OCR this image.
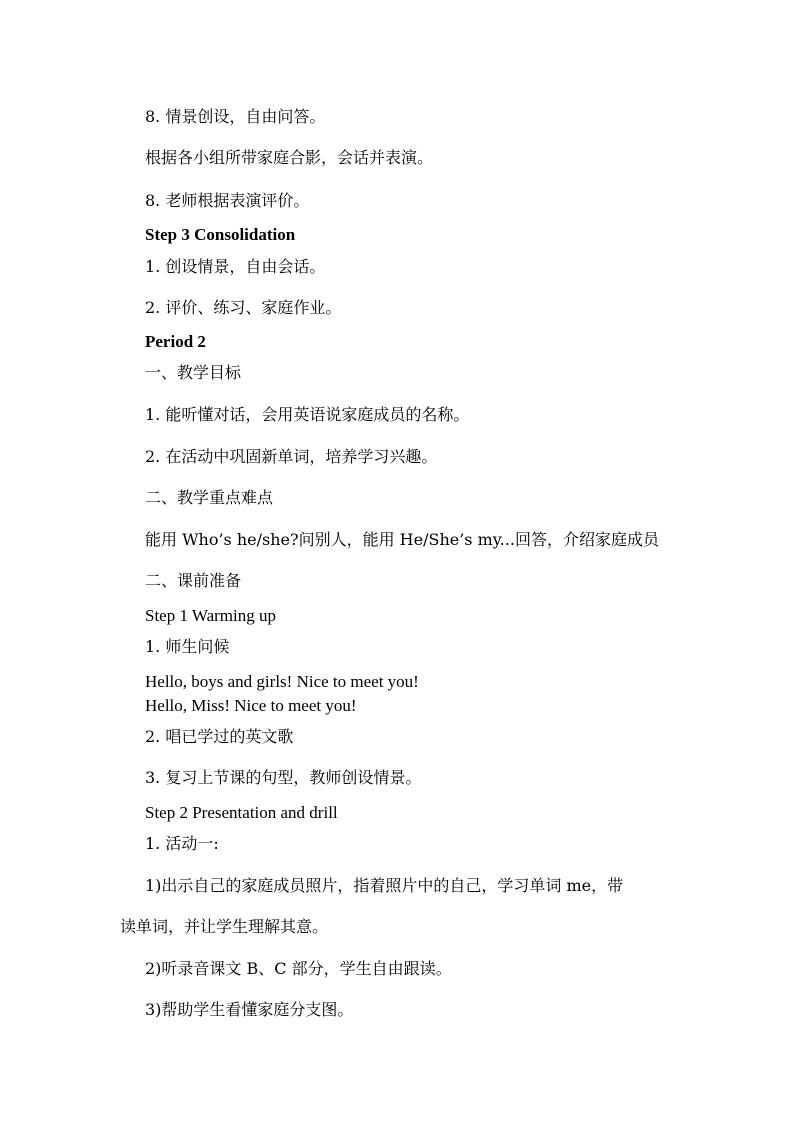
8. 情景创设，自由问答。
根据各小组所带家庭合影，会话并表演。
8. 老师根据表演评价。
Step 3 Consolidation
1. 创设情景，自由会话。
2. 评价、练习、家庭作业。
Period 2
一、教学目标
1. 能听懂对话，会用英语说家庭成员的名称。
2. 在活动中巩固新单词，培养学习兴趣。
二、教学重点难点
能用 Who’s he/she?问别人，能用 He/She’s my...回答，介绍家庭成员
二、课前准备
Step 1 Warming up
1. 师生问候
Hello, boys and girls! Nice to meet you!
Hello, Miss! Nice to meet you!
2. 唱已学过的英文歌
3. 复习上节课的句型，教师创设情景。
Step 2 Presentation and drill
1. 活动一:
1)出示自己的家庭成员照片，指着照片中的自己，学习单词 me，带
读单词，并让学生理解其意。
2)听录音课文 B、C 部分，学生自由跟读。
3)帮助学生看懂家庭分支图。
